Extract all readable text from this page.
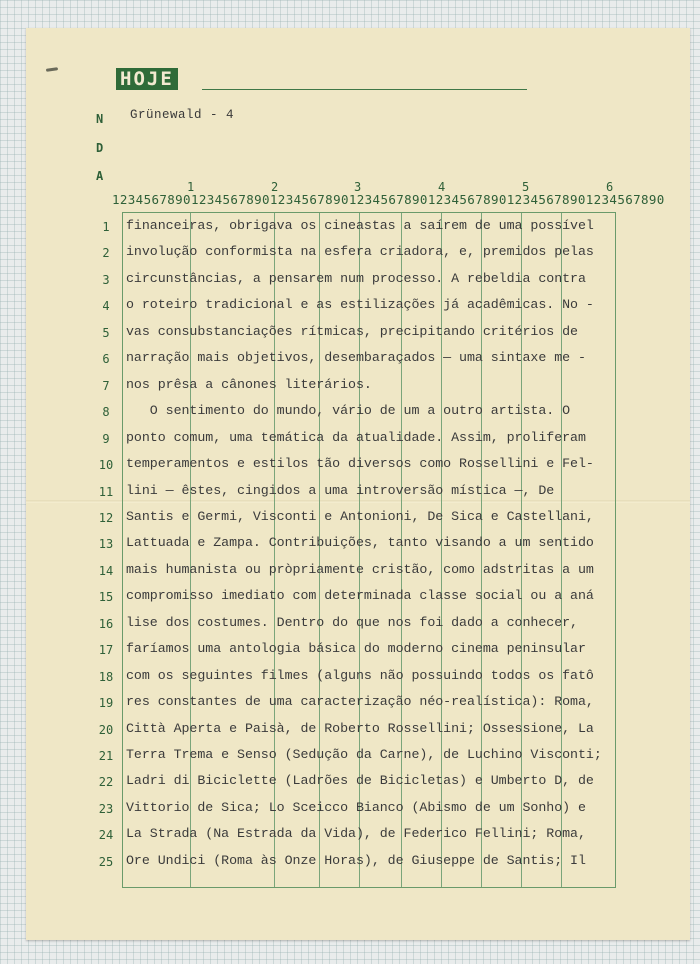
HOJE
N
D
A
Grünewald - 4
1	2	3	4	5	6
1234567890123456789012345678901234567890123456789012345678901234567890
1	financeiras, obrigava os cineastas a saírem de uma possível
2	involução conformista na esfera criadora, e, premidos pelas
3	circunstâncias, a pensarem num processo. A rebeldia contra
4	o roteiro tradicional e as estilizações já acadêmicas. No -
5	vas consubstanciações rítmicas, precipitando critérios de
6	narração mais objetivos, desembaraçados — uma sintaxe me -
7	nos prêsa a cânones literários.
8	O sentimento do mundo, vário de um a outro artista. O
9	ponto comum, uma temática da atualidade. Assim, proliferam
10 temperamentos e estilos tão diversos como Rossellini e Fel-
11 lini — êstes, cingidos a uma introversão mística —, De
12 Santis e Germi, Visconti e Antonioni, De Sica e Castellani,
13 Lattuada e Zampa. Contribuições, tanto visando a um sentido
14 mais humanista ou pròpriamente cristão, como adstritas a um
15 compromisso imediato com determinada classe social ou a aná
16 lise dos costumes. Dentro do que nos foi dado a conhecer,
17 faríamos uma antologia básica do moderno cinema peninsular
18 com os seguintes filmes (alguns não possuindo todos os fatô
19 res constantes de uma caracterização néo-realística): Roma,
20 Città Aperta e Paisà, de Roberto Rossellini; Ossessione, La
21 Terra Trema e Senso (Sedução da Carne), de Luchino Visconti;
22 Ladri di Biciclette (Ladrões de Bicicletas) e Umberto D, de
23 Vittorio de Sica; Lo Sceicco Bianco (Abismo de um Sonho) e
24 La Strada (Na Estrada da Vida), de Federico Fellini; Roma,
25 Ore Undici (Roma às Onze Horas), de Giuseppe de Santis; Il
